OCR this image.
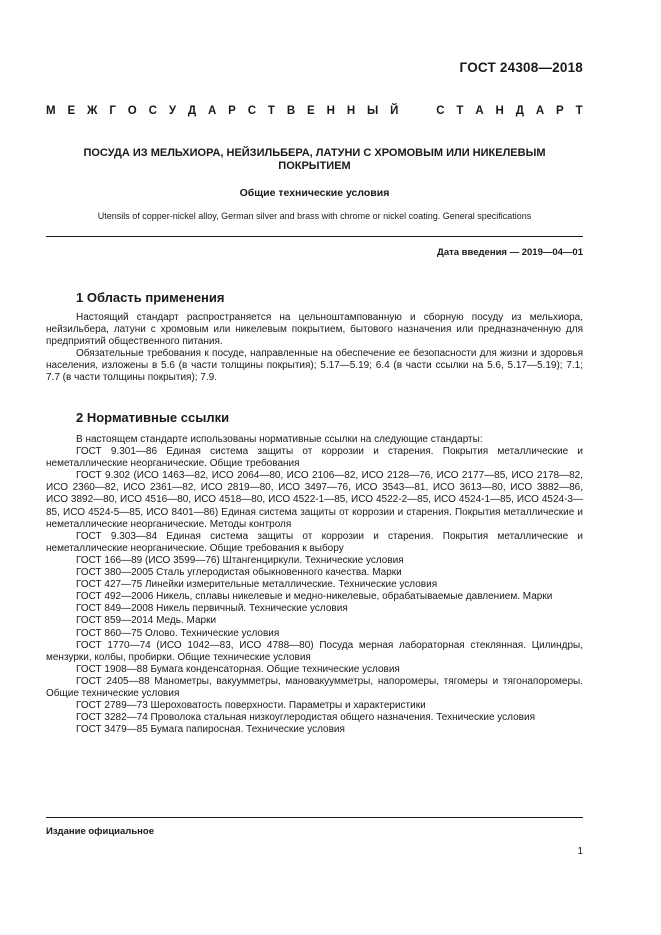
ГОСТ 24308—2018
М Е Ж Г О С У Д А Р С Т В Е Н Н Ы Й	С Т А Н Д А Р Т
ПОСУДА ИЗ МЕЛЬХИОРА, НЕЙЗИЛЬБЕРА, ЛАТУНИ С ХРОМОВЫМ ИЛИ НИКЕЛЕВЫМ
ПОКРЫТИЕМ
Общие технические условия
Utensils of copper-nickel alloy, German silver and brass with chrome or nickel coating. General specifications
Дата введения — 2019—04—01
1 Область применения

Настоящий стандарт распространяется на цельноштампованную и сборную посуду из мельхиора, нейзильбера, латуни с хромовым или никелевым покрытием, бытового назначения или предназначенную для предприятий общественного питания.

Обязательные требования к посуде, направленные на обеспечение ее безопасности для жизни и здоровья населения, изложены в 5.6 (в части толщины покрытия); 5.17—5.19; 6.4 (в части ссылки на 5.6, 5.17—5.19); 7.1; 7.7 (в части толщины покрытия); 7.9.

2 Нормативные ссылки

В настоящем стандарте использованы нормативные ссылки на следующие стандарты:

ГОСТ 9.301—86 Единая система защиты от коррозии и старения. Покрытия металлические и неметаллические неорганические. Общие требования

ГОСТ 9.302 (ИСО 1463—82, ИСО 2064—80, ИСО 2106—82, ИСО 2128—76, ИСО 2177—85, ИСО 2178—82, ИСО 2360—82, ИСО 2361—82, ИСО 2819—80, ИСО 3497—76, ИСО 3543—81, ИСО 3613—80, ИСО 3882—86, ИСО 3892—80, ИСО 4516—80, ИСО 4518—80, ИСО 4522-1—85, ИСО 4522-2—85, ИСО 4524-1—85, ИСО 4524-3—85, ИСО 4524-5—85, ИСО 8401—86) Единая система защиты от коррозии и старения. Покрытия металлические и неметаллические неорганические. Методы контроля

ГОСТ 9.303—84 Единая система защиты от коррозии и старения. Покрытия металлические и неметаллические неорганические. Общие требования к выбору

ГОСТ 166—89 (ИСО 3599—76) Штангенциркули. Технические условия

ГОСТ 380—2005 Сталь углеродистая обыкновенного качества. Марки

ГОСТ 427—75 Линейки измерительные металлические. Технические условия

ГОСТ 492—2006 Никель, сплавы никелевые и медно-никелевые, обрабатываемые давлением. Марки

ГОСТ 849—2008 Никель первичный. Технические условия

ГОСТ 859—2014 Медь. Марки

ГОСТ 860—75 Олово. Технические условия

ГОСТ 1770—74 (ИСО 1042—83, ИСО 4788—80) Посуда мерная лабораторная стеклянная. Цилиндры, мензурки, колбы, пробирки. Общие технические условия

ГОСТ 1908—88 Бумага конденсаторная. Общие технические условия

ГОСТ 2405—88 Манометры, вакуумметры, мановакуумметры, напоромеры, тягомеры и тягонапоромеры. Общие технические условия

ГОСТ 2789—73 Шероховатость поверхности. Параметры и характеристики

ГОСТ 3282—74 Проволока стальная низкоуглеродистая общего назначения. Технические условия

ГОСТ 3479—85 Бумага папиросная. Технические условия

Издание официальное
1
